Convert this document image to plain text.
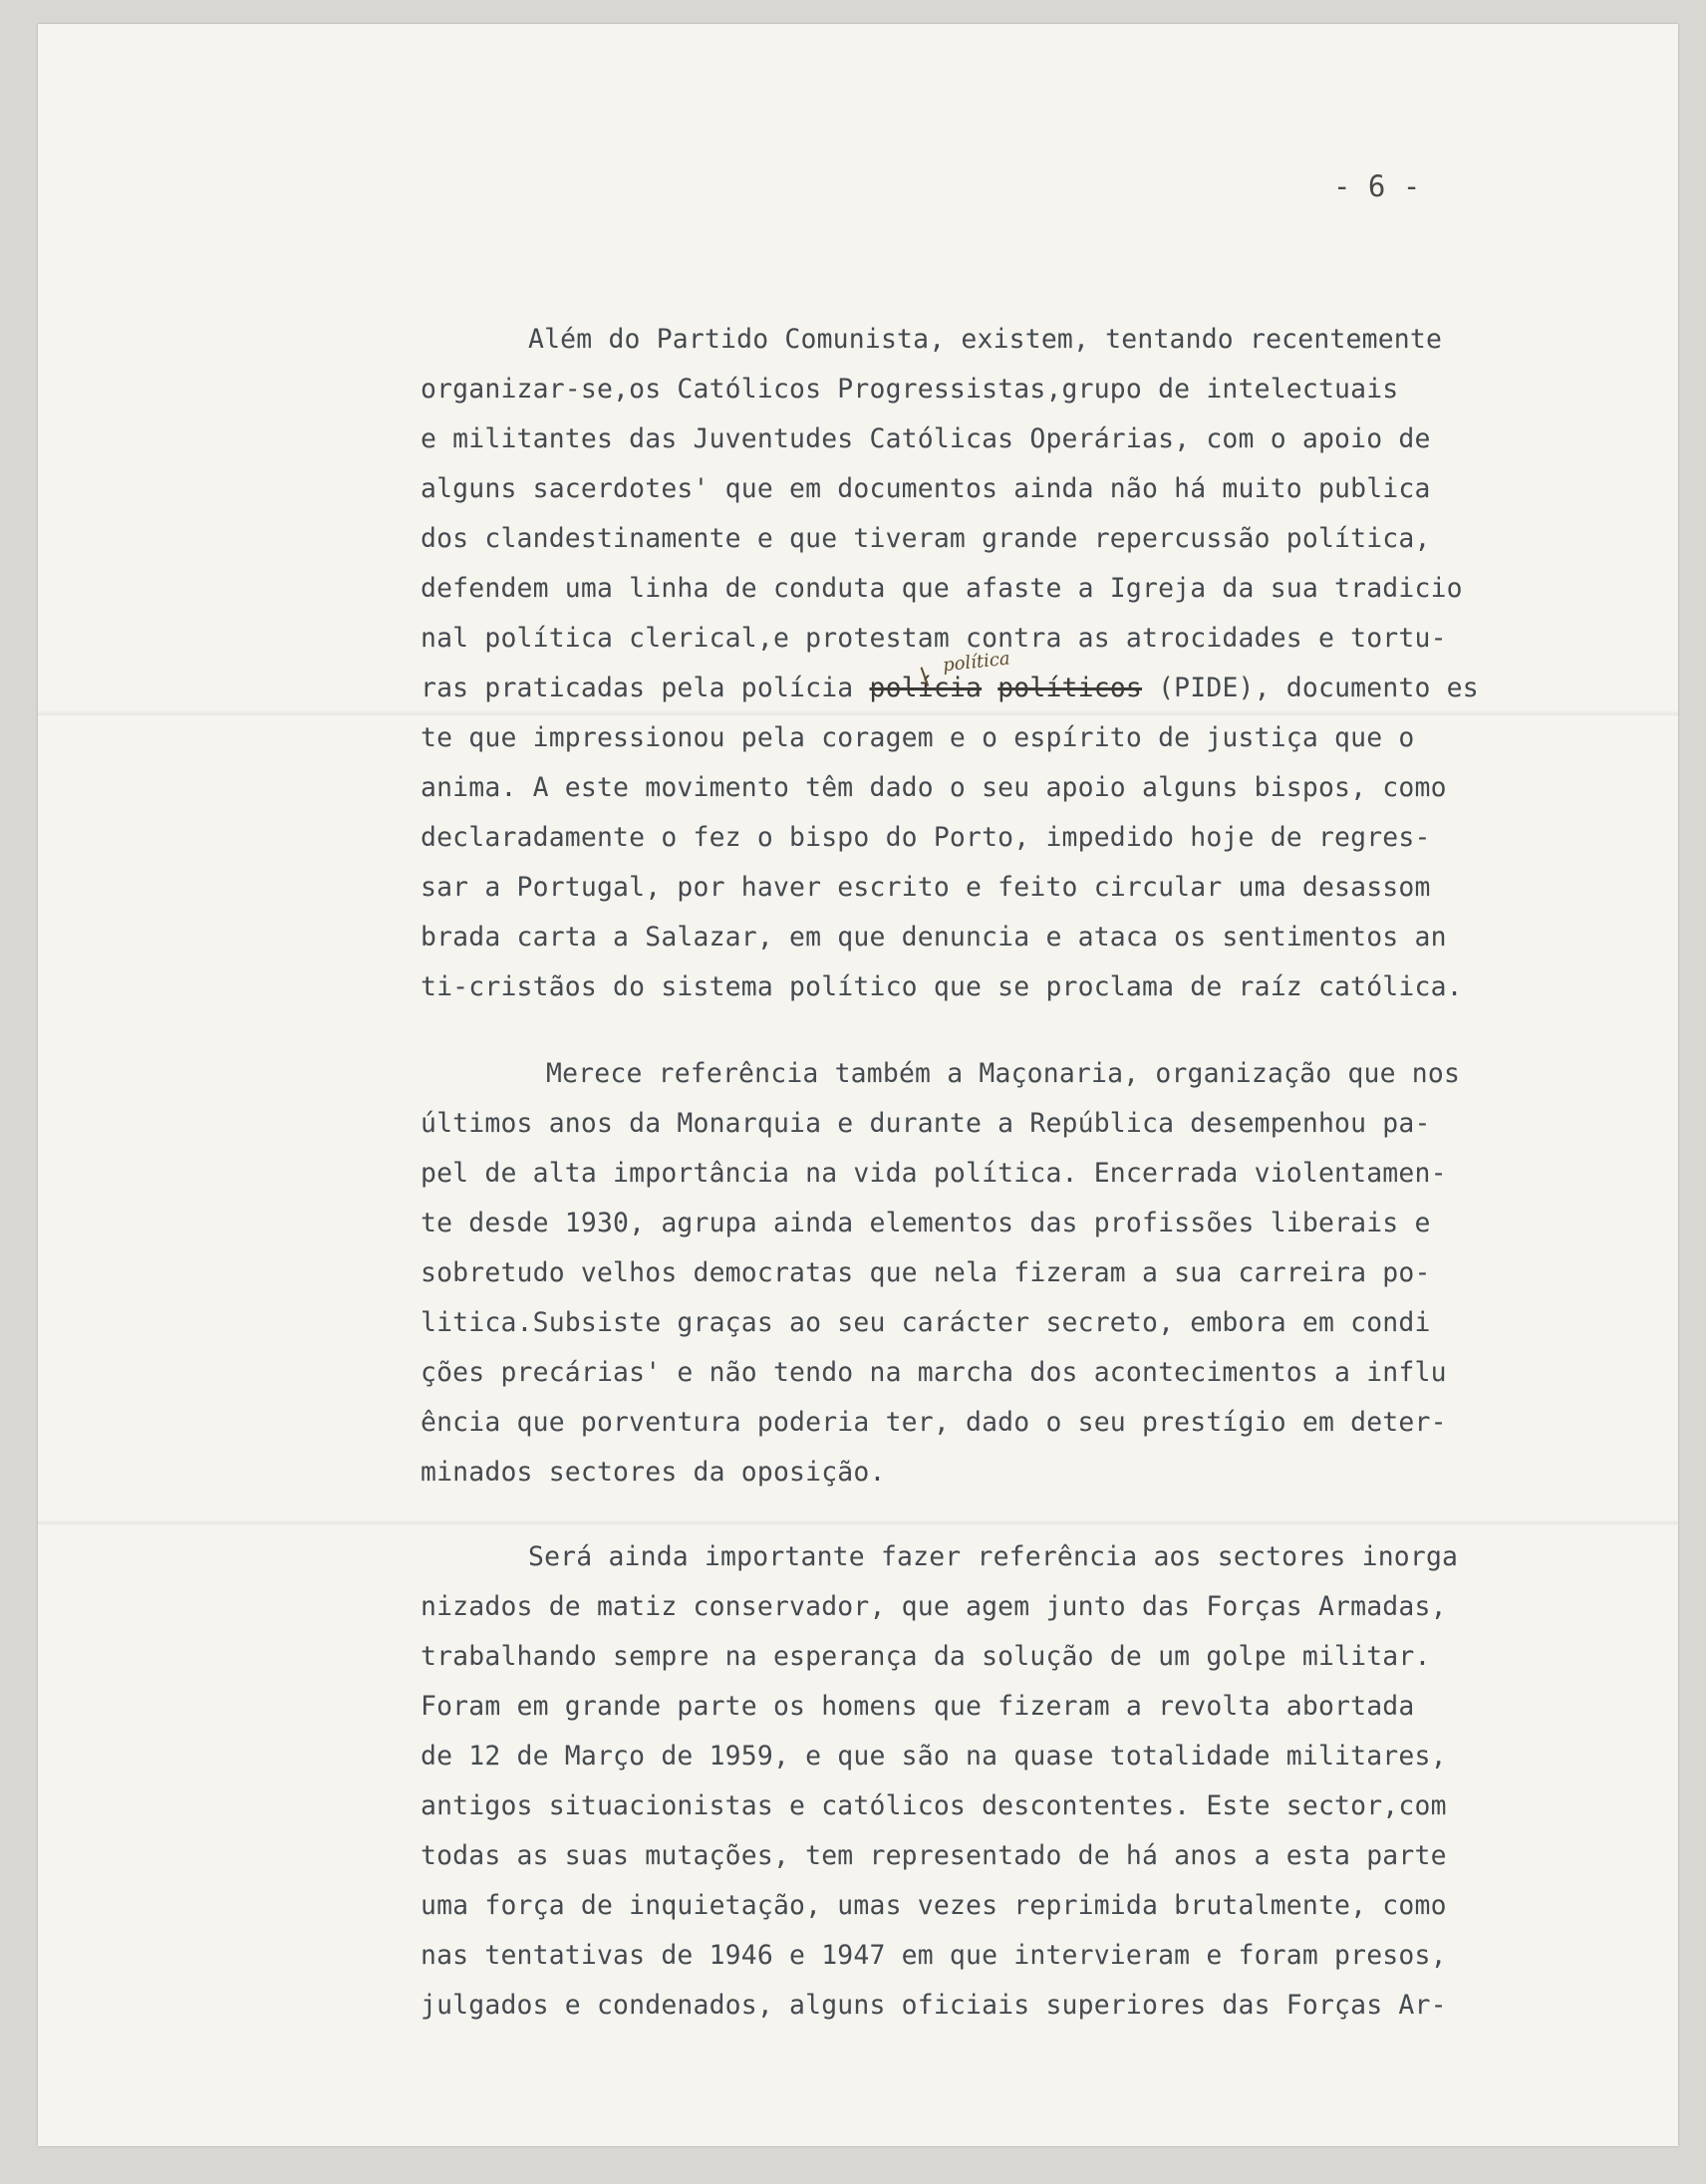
- 6 -
Além do Partido Comunista, existem, tentando recentemente
organizar-se,os Católicos Progressistas,grupo de intelectuais
e militantes das Juventudes Católicas Operárias, com o apoio de
alguns sacerdotes' que em documentos ainda não há muito publica
dos clandestinamente e que tiveram grande repercussão política,
defendem uma linha de conduta que afaste a Igreja da sua tradicio
nal política clerical,e protestam contra as atrocidades e tortu-
ras praticadas pela polícia polícia políticos (PIDE), documento es
te que impressionou pela coragem e o espírito de justiça que o
anima. A este movimento têm dado o seu apoio alguns bispos, como
declaradamente o fez o bispo do Porto, impedido hoje de regres-
sar a Portugal, por haver escrito e feito circular uma desassom
brada carta a Salazar, em que denuncia e ataca os sentimentos an
ti-cristãos do sistema político que se proclama de raíz católica.
política
Merece referência também a Maçonaria, organização que nos
últimos anos da Monarquia e durante a República desempenhou pa-
pel de alta importância na vida política. Encerrada violentamen-
te desde 1930, agrupa ainda elementos das profissões liberais e
sobretudo velhos democratas que nela fizeram a sua carreira po-
litica.Subsiste graças ao seu carácter secreto, embora em condi
ções precárias' e não tendo na marcha dos acontecimentos a influ
ência que porventura poderia ter, dado o seu prestígio em deter-
minados sectores da oposição.
Será ainda importante fazer referência aos sectores inorga
nizados de matiz conservador, que agem junto das Forças Armadas,
trabalhando sempre na esperança da solução de um golpe militar.
Foram em grande parte os homens que fizeram a revolta abortada
de 12 de Março de 1959, e que são na quase totalidade militares,
antigos situacionistas e católicos descontentes. Este sector,com
todas as suas mutações, tem representado de há anos a esta parte
uma força de inquietação, umas vezes reprimida brutalmente, como
nas tentativas de 1946 e 1947 em que intervieram e foram presos,
julgados e condenados, alguns oficiais superiores das Forças Ar-
